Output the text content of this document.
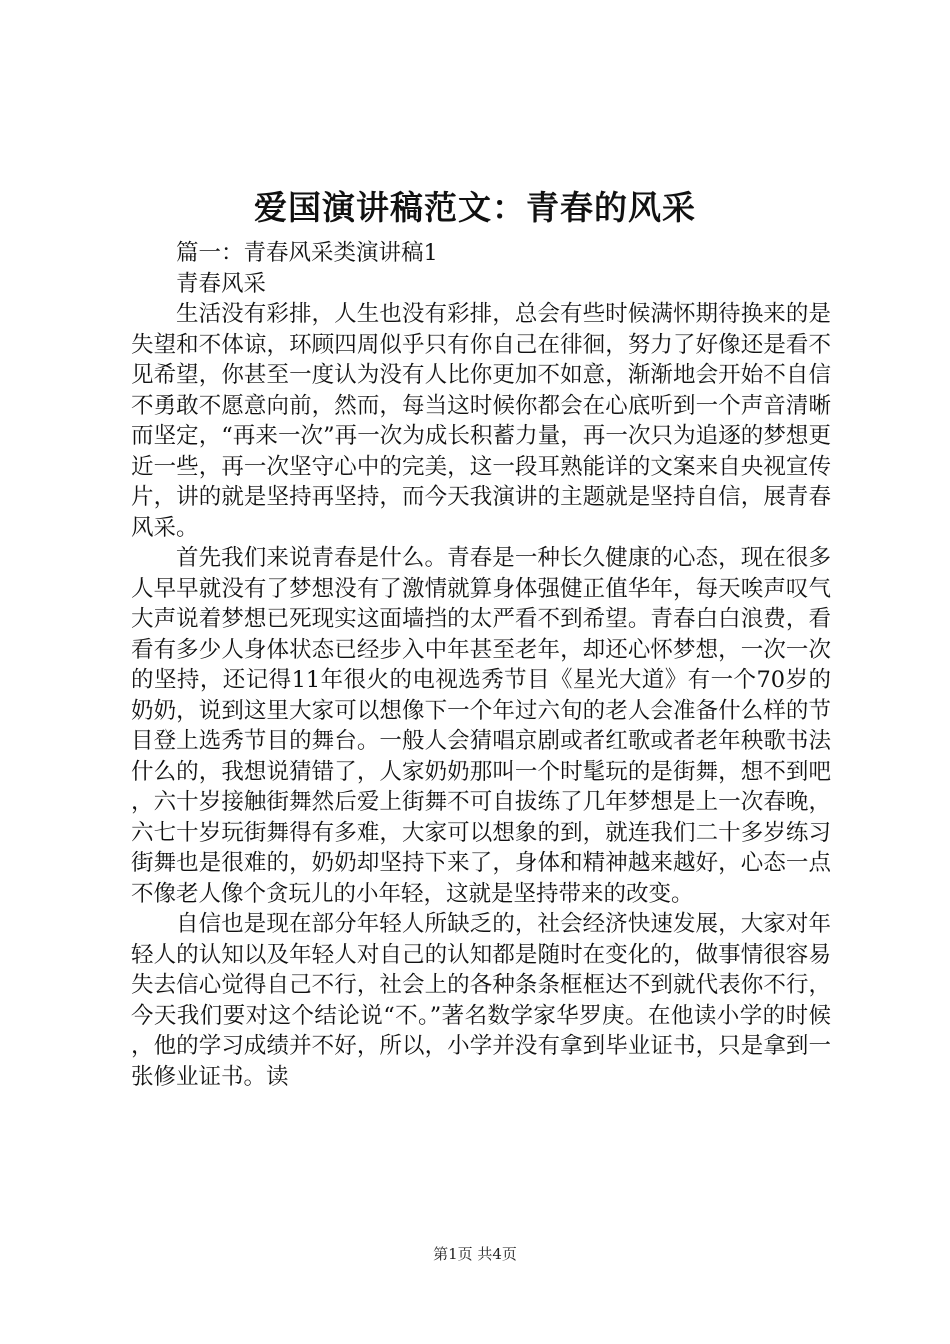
爱国演讲稿范文：青春的风采

篇一：青春风采类演讲稿1

青春风采

生活没有彩排，人生也没有彩排，总会有些时候满怀期待换来的是失望和不体谅，环顾四周似乎只有你自己在徘徊，努力了好像还是看不见希望，你甚至一度认为没有人比你更加不如意，渐渐地会开始不自信不勇敢不愿意向前，然而，每当这时候你都会在心底听到一个声音清晰而坚定，“再来一次”再一次为成长积蓄力量，再一次只为追逐的梦想更近一些，再一次坚守心中的完美，这一段耳熟能详的文案来自央视宣传片，讲的就是坚持再坚持，而今天我演讲的主题就是坚持自信，展青春风采。

首先我们来说青春是什么。青春是一种长久健康的心态，现在很多人早早就没有了梦想没有了激情就算身体强健正值华年，每天唉声叹气大声说着梦想已死现实这面墙挡的太严看不到希望。青春白白浪费，看看有多少人身体状态已经步入中年甚至老年，却还心怀梦想，一次一次的坚持，还记得11年很火的电视选秀节目《星光大道》有一个70岁的奶奶，说到这里大家可以想像下一个年过六旬的老人会准备什么样的节目登上选秀节目的舞台。一般人会猜唱京剧或者红歌或者老年秧歌书法什么的，我想说猜错了，人家奶奶那叫一个时髦玩的是街舞，想不到吧，六十岁接触街舞然后爱上街舞不可自拔练了几年梦想是上一次春晚，六七十岁玩街舞得有多难，大家可以想象的到，就连我们二十多岁练习街舞也是很难的，奶奶却坚持下来了，身体和精神越来越好，心态一点不像老人像个贪玩儿的小年轻，这就是坚持带来的改变。

自信也是现在部分年轻人所缺乏的，社会经济快速发展，大家对年轻人的认知以及年轻人对自己的认知都是随时在变化的，做事情很容易失去信心觉得自己不行，社会上的各种条条框框达不到就代表你不行，今天我们要对这个结论说“不。”著名数学家华罗庚。在他读小学的时候，他的学习成绩并不好，所以，小学并没有拿到毕业证书，只是拿到一张修业证书。读

第1页 共4页
